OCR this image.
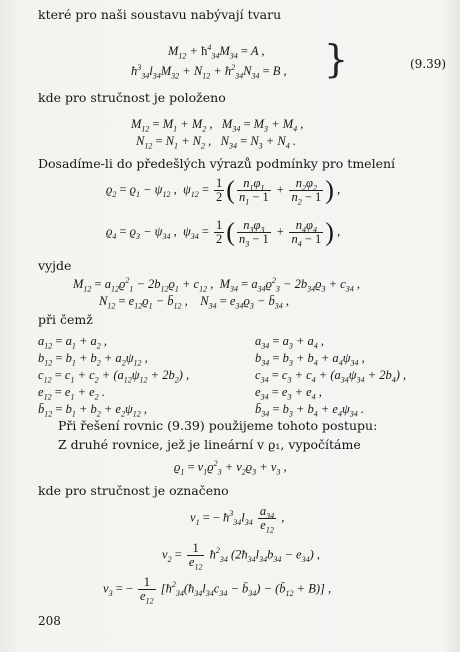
které pro naši soustavu nabývají tvaru
$M_{12}$ + $ħ^4_{34}M_{34} = A$ ,
$ħ^3_{34}l_{34}M_{32} + N_{12}$ + $ħ^2_{34}N_{34} = B$ , }	(9.39)
kde pro stručnost je položeno
$M_{12} = M_1 + M_2$ ,   $M_{34} = M_3 + M_4$ ,
$N_{12} = N_1 + N_2$ ,   $N_{34} = N_3 + N_4$ .
Dosadíme-li do předešlých výrazů podmínky pro tmelení
$ϱ_2 = ϱ_1 - \psi_{12}$ ,  $\psi_{12} = \frac{1}{2}$ ( $\frac{n_1\varphi_1}{n_1 - 1} + \frac{n_2\varphi_2}{n_2 - 1}$ ) ,
$ϱ_4 = ϱ_3 - \psi_{34}$ ,  $\psi_{34} = \frac{1}{2}$ ( $\frac{n_3\varphi_3}{n_3 - 1} + \frac{n_4\varphi_4}{n_4 - 1}$ ) ,
vyjde
$M_{12} = a_{12}ϱ^2_1 - 2b_{12}ϱ_1 + c_{12}$ ,  $M_{34} = a_{34}ϱ^2_3 - 2b_{34}ϱ_3 + c_{34}$ ,
$N_{12} = e_{12}ϱ_1$ − $b̄_{12}$ ,    $N_{34} = e_{34}ϱ_3$ − $b̄_{34}$ ,
při čemž
$a_{12} = a_1 + a_2$ ,
$b_{12} = b_1 + b_2 + a_2\psi_{12}$ ,
$c_{12} = c_1 + c_2 + (a_{12}\psi_{12} + 2b_2)$ ,
$e_{12} = e_1 + e_2$ .
$b̄_{12} = b_1 + b_2 + e_2\psi_{12}$ ,
$a_{34} = a_3 + a_4$ ,
$b_{34} = b_3 + b_4 + a_4\psi_{34}$ ,
$c_{34} = c_3 + c_4 + (a_{34}\psi_{34} + 2b_4)$ ,
$e_{34} = e_3 + e_4$ ,
$b̄_{34} = b_3 + b_4 + e_4\psi_{34}$ .
Při řešení rovnic (9.39) použijeme tohoto postupu:
Z druhé rovnice, jež je lineární v ϱ₁, vypočítáme
$ϱ_1 = v_1ϱ^2_3 + v_2ϱ_3 + v_3$ ,
kde pro stručnost je označeno
$v_1$ = − $ħ^3_{34}l_{34} \frac{a_{34}}{e_{12}}$ ,
$v_2 = \frac{1}{e_{12}}$ $ħ^2_{34}$ $(2ħ_{34}l_{34}b_{34} - e_{34})$ ,
$v_3$ = − $\frac{1}{e_{12}}$ [$ħ^2_{34}(ħ_{34}l_{34}c_{34}$ − $b̄_{34}$) − $(b̄_{12} + B)$] ,
208
